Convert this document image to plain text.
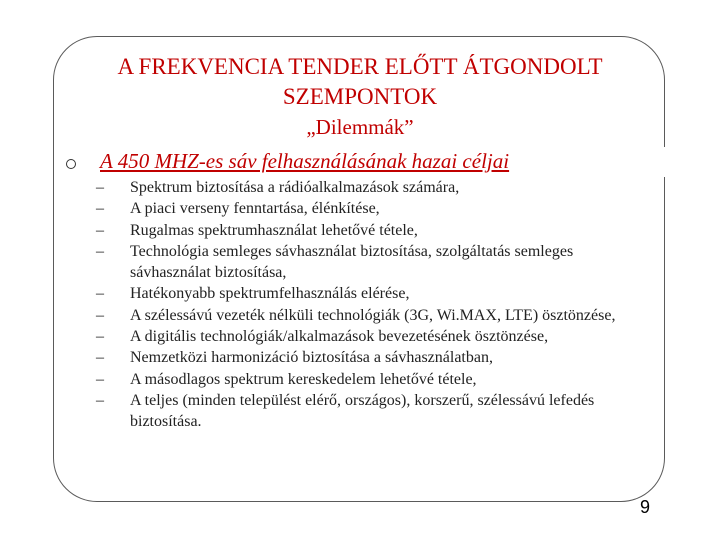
A FREKVENCIA TENDER ELŐTT ÁTGONDOLT
SZEMPONTOK
„Dilemmák”
A 450 MHZ-es sáv felhasználásának hazai céljai
– Spektrum biztosítása a rádióalkalmazások számára,
– A piaci verseny fenntartása, élénkítése,
– Rugalmas spektrumhasználat lehetővé tétele,
– Technológia semleges sávhasználat biztosítása, szolgáltatás semleges sávhasználat biztosítása,
– Hatékonyabb spektrumfelhasználás elérése,
– A szélessávú vezeték nélküli technológiák (3G, Wi.MAX, LTE) ösztönzése,
– A digitális technológiák/alkalmazások bevezetésének ösztönzése,
– Nemzetközi harmonizáció biztosítása a sávhasználatban,
– A másodlagos spektrum kereskedelem lehetővé tétele,
– A teljes (minden települést elérő, országos), korszerű, szélessávú lefedés biztosítása.
9
